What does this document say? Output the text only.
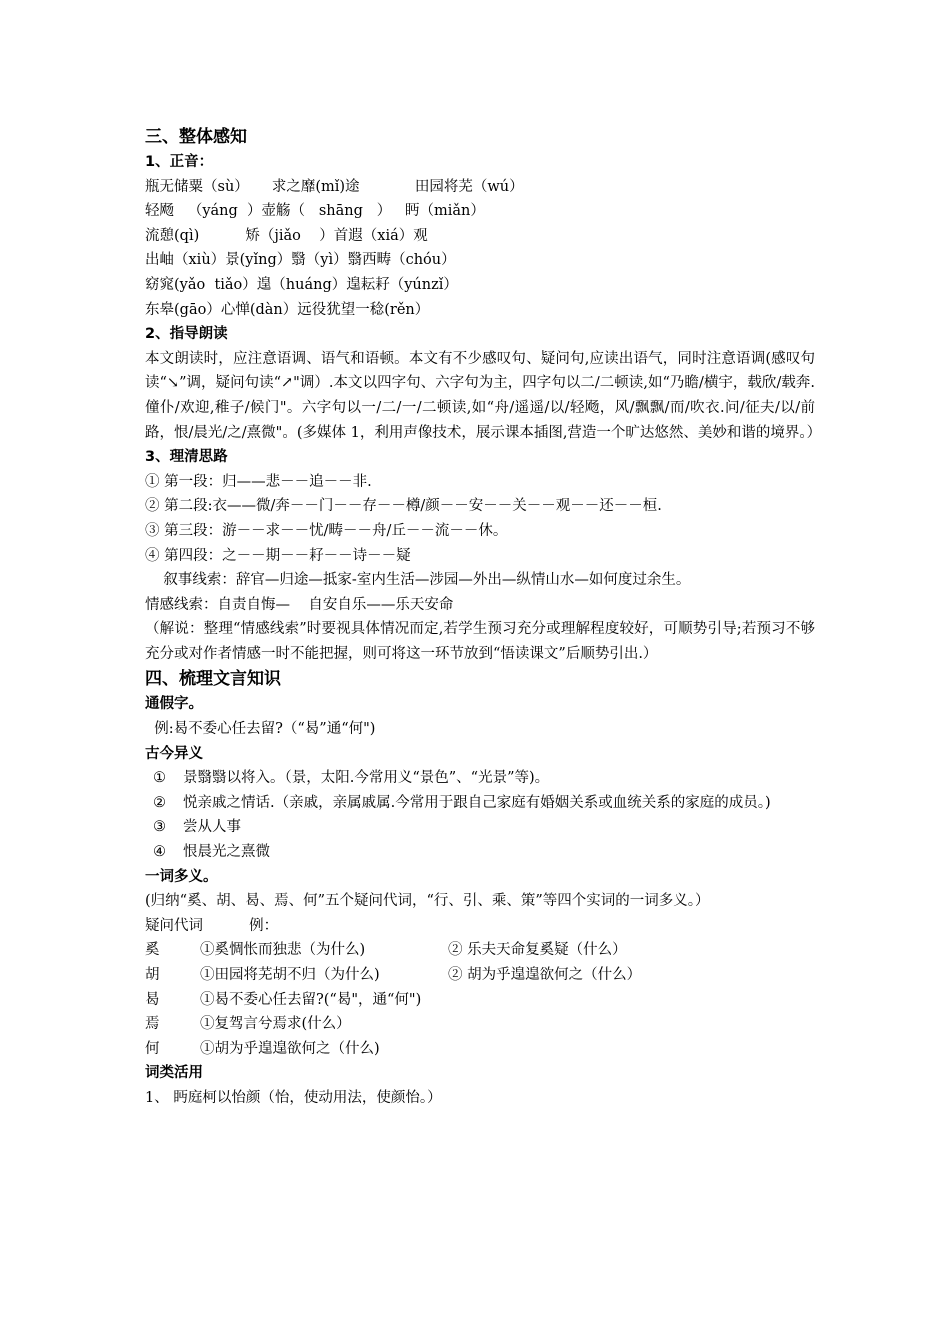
三、整体感知
1、正音：
瓶无储粟（sù）     求之靡(mǐ)途            田园将芜（wú）
轻飏   （yáng  ）壶觞（   shāng   ）   眄（miǎn）
流憩(qì)          矫（jiǎo    ）首遐（xiá）观
出岫（xiù）景(yǐng）翳（yì）翳西畴（chóu）
窈窕(yǎo  tiǎo）遑（huáng）遑耘耔（yúnzǐ）
东皋(gāo）心惮(dàn）远役犹望一稔(rěn）
2、指导朗读
本文朗读时，应注意语调、语气和语顿。本文有不少感叹句、疑问句,应读出语气，同时注意语调(感叹句读“↘”调，疑问句读“↗"调）.本文以四字句、六字句为主，四字句以二/二顿读,如“乃瞻/横宇，载欣/载奔.僮仆/欢迎,稚子/候门"。六字句以一/二/一/二顿读,如“舟/遥遥/以/轻飏，风/飘飘/而/吹衣.问/征夫/以/前路，恨/晨光/之/熹微"。(多媒体 1，利用声像技术，展示课本插图,营造一个旷达悠然、美妙和谐的境界。）
3、理清思路
① 第一段：归——悲－－追－－非.
② 第二段:衣——微/奔－－门－－存－－樽/颜－－安－－关－－观－－还－－桓.
③ 第三段：游－－求－－忧/畴－－舟/丘－－流－－休。
④ 第四段：之－－期－－耔－－诗－－疑
叙事线索：辞官—归途—抵家-室内生活—涉园—外出—纵情山水—如何度过余生。
情感线索：自责自悔—    自安自乐——乐天安命
（解说：整理“情感线索”时要视具体情况而定,若学生预习充分或理解程度较好，可顺势引导;若预习不够充分或对作者情感一时不能把握，则可将这一环节放到“悟读课文”后顺势引出.）
四、梳理文言知识
通假字。
例:曷不委心任去留?（“曷”通“何")
古今异义
①	景翳翳以将入。（景，太阳.今常用义“景色”、“光景”等)。
②	悦亲戚之情话.（亲戚，亲属戚属.今常用于跟自己家庭有婚姻关系或血统关系的家庭的成员。)
③	尝从人事
④	恨晨光之熹微
一词多义。
(归纳“奚、胡、曷、焉、何”五个疑问代词，“行、引、乘、策”等四个实词的一词多义。）
疑问代词          例：
奚	①奚惆怅而独悲（为什么)	② 乐夫天命复奚疑（什么）
胡	①田园将芜胡不归（为什么)	② 胡为乎遑遑欲何之（什么）
曷	①曷不委心任去留?(“曷"，通“何")
焉	①复驾言兮焉求(什么）
何	①胡为乎遑遑欲何之（什么)
词类活用
1、 眄庭柯以怡颜（怡，使动用法，使颜怡。）
